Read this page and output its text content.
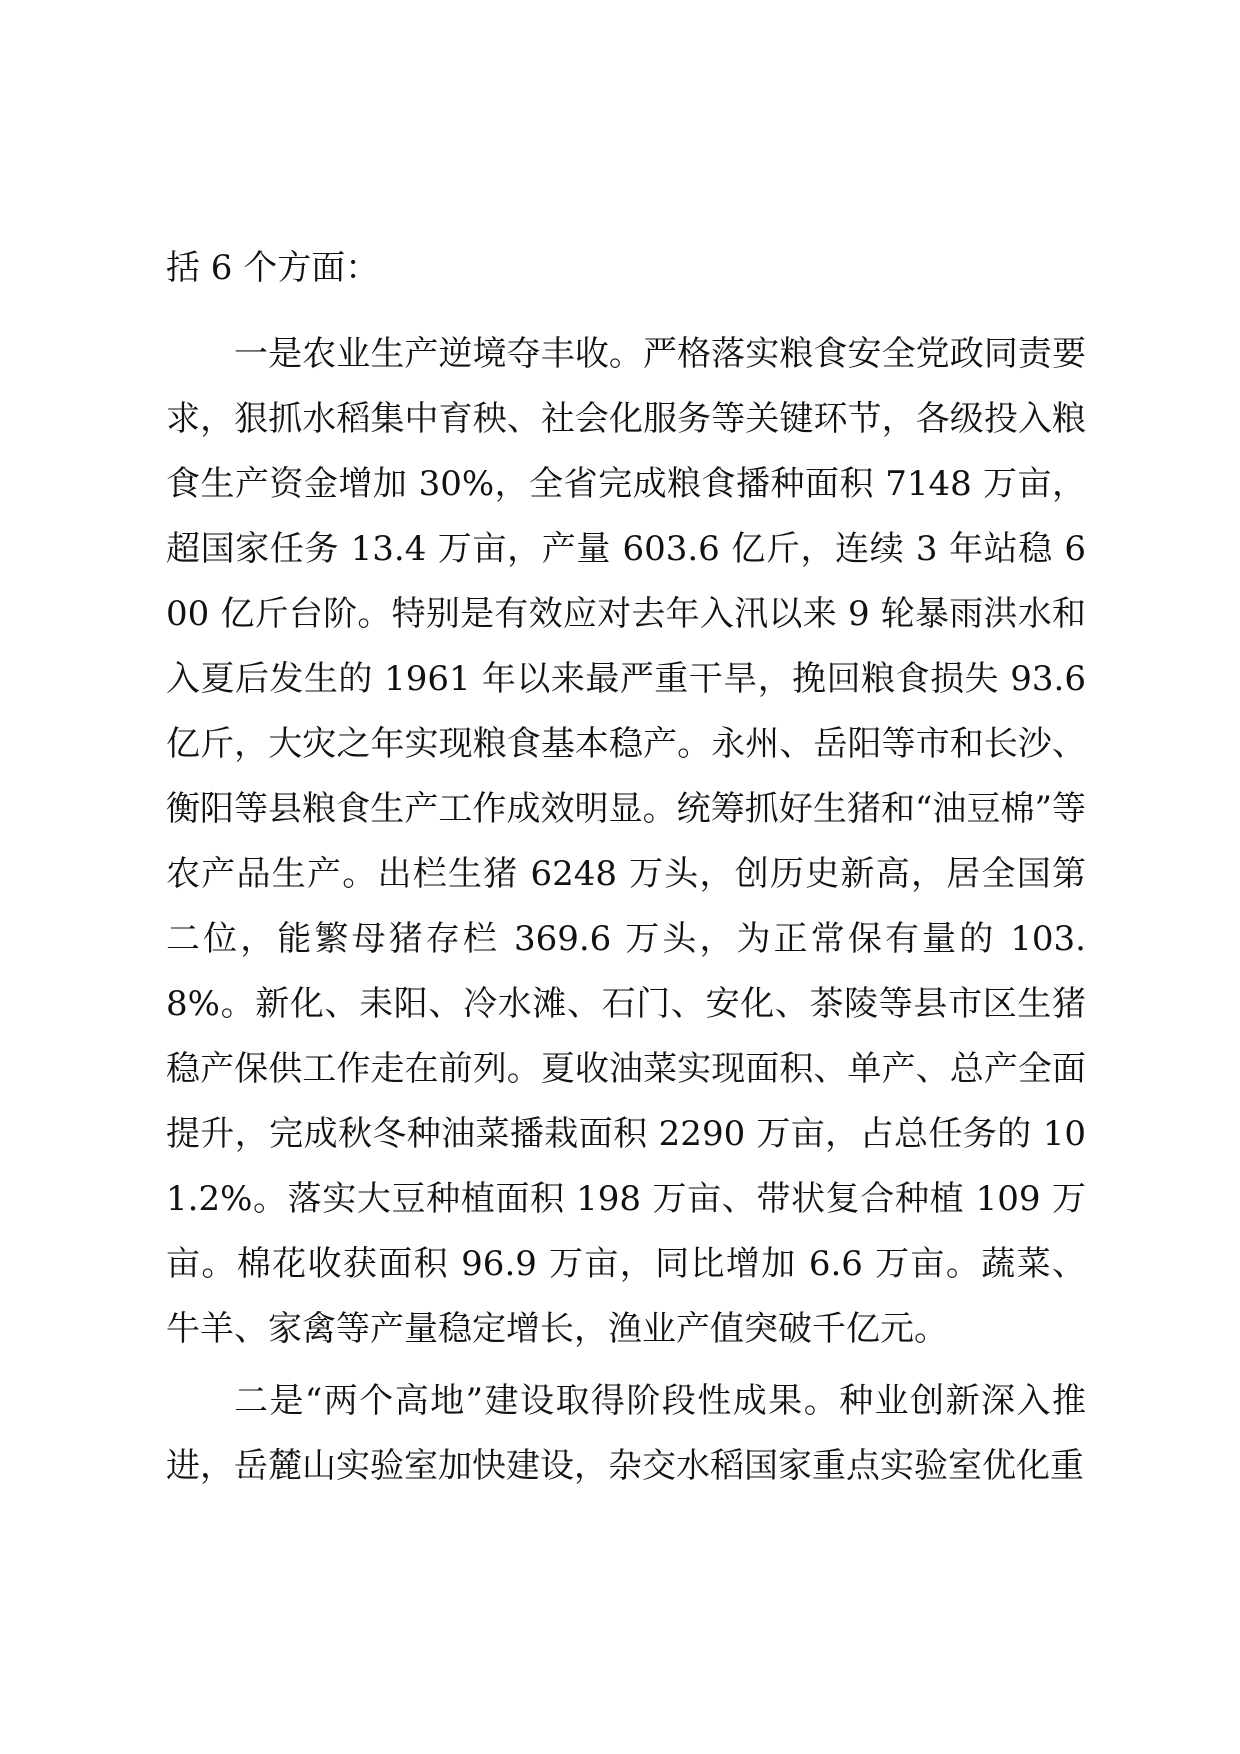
括 6 个方面：

一是农业生产逆境夺丰收。严格落实粮食安全党政同责要求，狠抓水稻集中育秧、社会化服务等关键环节，各级投入粮食生产资金增加 30%，全省完成粮食播种面积 7148 万亩，超国家任务 13.4 万亩，产量 603.6 亿斤，连续 3 年站稳 600 亿斤台阶。特别是有效应对去年入汛以来 9 轮暴雨洪水和入夏后发生的 1961 年以来最严重干旱，挽回粮食损失 93.6 亿斤，大灾之年实现粮食基本稳产。永州、岳阳等市和长沙、衡阳等县粮食生产工作成效明显。统筹抓好生猪和“油豆棉”等农产品生产。出栏生猪 6248 万头，创历史新高，居全国第二位，能繁母猪存栏 369.6 万头，为正常保有量的 103.8%。新化、耒阳、冷水滩、石门、安化、茶陵等县市区生猪稳产保供工作走在前列。夏收油菜实现面积、单产、总产全面提升，完成秋冬种油菜播栽面积 2290 万亩，占总任务的 101.2%。落实大豆种植面积 198 万亩、带状复合种植 109 万亩。棉花收获面积 96.9 万亩，同比增加 6.6 万亩。蔬菜、牛羊、家禽等产量稳定增长，渔业产值突破千亿元。

二是“两个高地”建设取得阶段性成果。种业创新深入推进，岳麓山实验室加快建设，杂交水稻国家重点实验室优化重
